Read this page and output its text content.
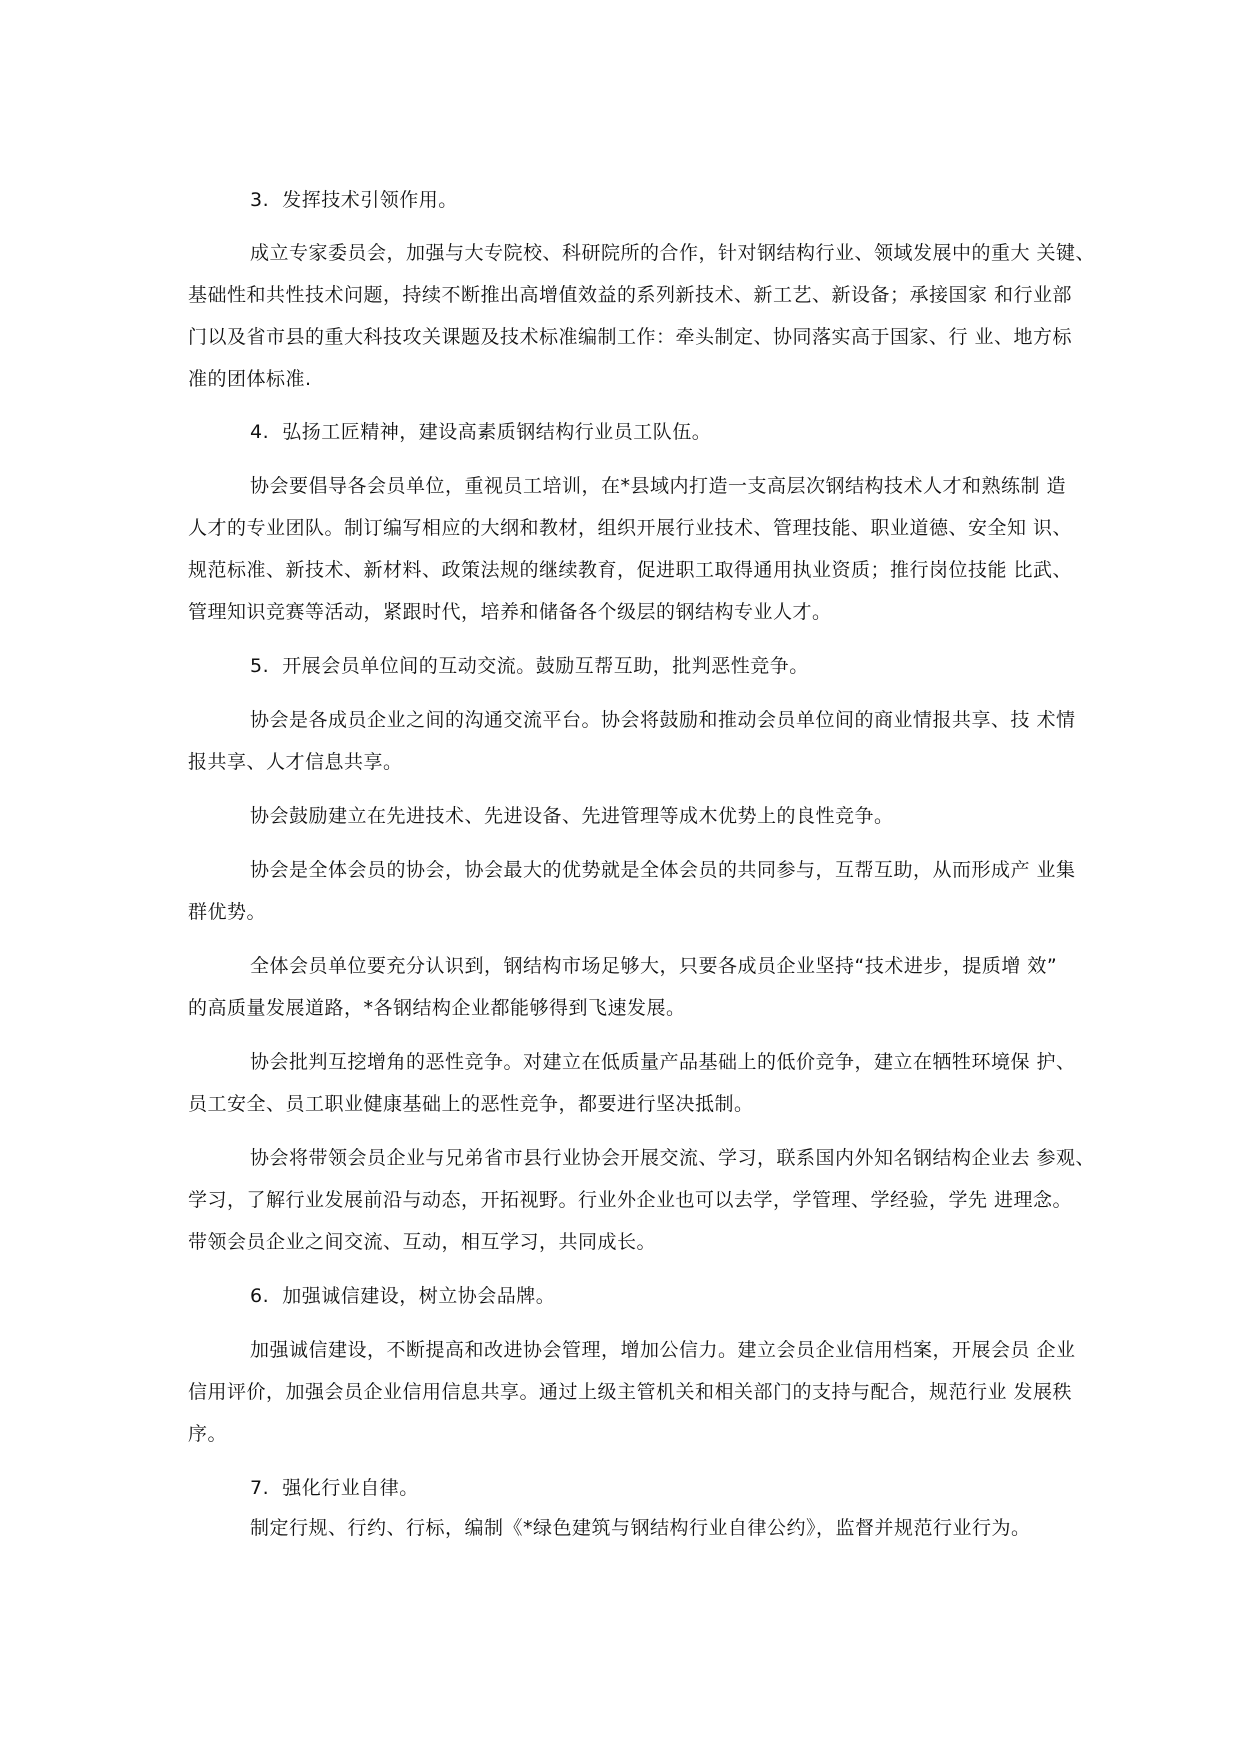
3.  发挥技术引领作用。
成立专家委员会，加强与大专院校、科研院所的合作，针对钢结构行业、领域发展中的重大 关键、
基础性和共性技术问题，持续不断推出高增值效益的系列新技术、新工艺、新设备；承接国家 和行业部
门以及省市县的重大科技攻关课题及技术标准编制工作：牵头制定、协同落实高于国家、行 业、地方标
准的团体标准.
4.  弘扬工匠精神，建设高素质钢结构行业员工队伍。
协会要倡导各会员单位，重视员工培训，在*县域内打造一支高层次钢结构技术人才和熟练制 造
人才的专业团队。制订编写相应的大纲和教材，组织开展行业技术、管理技能、职业道德、安全知 识、
规范标准、新技术、新材料、政策法规的继续教育，促进职工取得通用执业资质；推行岗位技能 比武、
管理知识竞赛等活动，紧跟时代，培养和储备各个级层的钢结构专业人才。
5.  开展会员单位间的互动交流。鼓励互帮互助，批判恶性竞争。
协会是各成员企业之间的沟通交流平台。协会将鼓励和推动会员单位间的商业情报共享、技 术情
报共享、人才信息共享。
协会鼓励建立在先进技术、先进设备、先进管理等成木优势上的良性竞争。
协会是全体会员的协会，协会最大的优势就是全体会员的共同参与，互帮互助，从而形成产 业集
群优势。
全体会员单位要充分认识到，钢结构市场足够大，只要各成员企业坚持“技术进步，提质增 效”
的高质量发展道路，*各钢结构企业都能够得到飞速发展。
协会批判互挖增角的恶性竞争。对建立在低质量产品基础上的低价竞争，建立在牺牲环境保 护、
员工安全、员工职业健康基础上的恶性竞争，都要进行坚决抵制。
协会将带领会员企业与兄弟省市县行业协会开展交流、学习，联系国内外知名钢结构企业去 参观、
学习，了解行业发展前沿与动态，开拓视野。行业外企业也可以去学，学管理、学经验，学先 进理念。
带领会员企业之间交流、互动，相互学习，共同成长。
6.  加强诚信建设，树立协会品牌。
加强诚信建设，不断提高和改进协会管理，增加公信力。建立会员企业信用档案，开展会员 企业
信用评价，加强会员企业信用信息共享。通过上级主管机关和相关部门的支持与配合，规范行业 发展秩
序。
7.  强化行业自律。
制定行规、行约、行标，编制《*绿色建筑与钢结构行业自律公约》，监督并规范行业行为。
